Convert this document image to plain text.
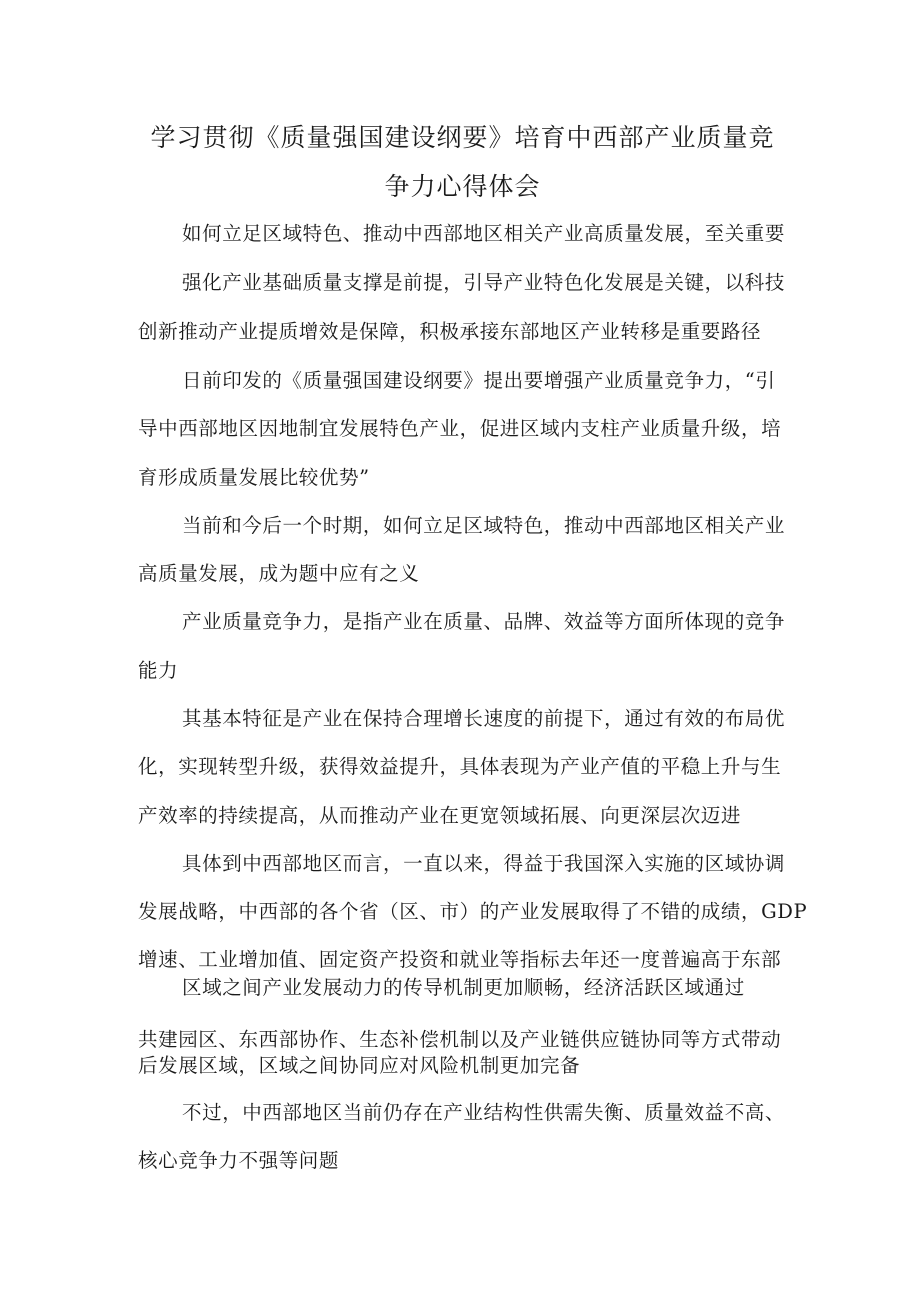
学习贯彻《质量强国建设纲要》培育中西部产业质量竞
争力心得体会
如何立足区域特色、推动中西部地区相关产业高质量发展，至关重要
强化产业基础质量支撑是前提，引导产业特色化发展是关键，以科技
创新推动产业提质增效是保障，积极承接东部地区产业转移是重要路径
日前印发的《质量强国建设纲要》提出要增强产业质量竞争力，“引
导中西部地区因地制宜发展特色产业，促进区域内支柱产业质量升级，培
育形成质量发展比较优势”
当前和今后一个时期，如何立足区域特色，推动中西部地区相关产业
高质量发展，成为题中应有之义
产业质量竞争力，是指产业在质量、品牌、效益等方面所体现的竞争
能力
其基本特征是产业在保持合理增长速度的前提下，通过有效的布局优
化，实现转型升级，获得效益提升，具体表现为产业产值的平稳上升与生
产效率的持续提高，从而推动产业在更宽领域拓展、向更深层次迈进
具体到中西部地区而言，一直以来，得益于我国深入实施的区域协调
发展战略，中西部的各个省（区、市）的产业发展取得了不错的成绩，GDP
增速、工业增加值、固定资产投资和就业等指标去年还一度普遍高于东部
区域之间产业发展动力的传导机制更加顺畅，经济活跃区域通过
共建园区、东西部协作、生态补偿机制以及产业链供应链协同等方式带动
后发展区域，区域之间协同应对风险机制更加完备
不过，中西部地区当前仍存在产业结构性供需失衡、质量效益不高、
核心竞争力不强等问题
